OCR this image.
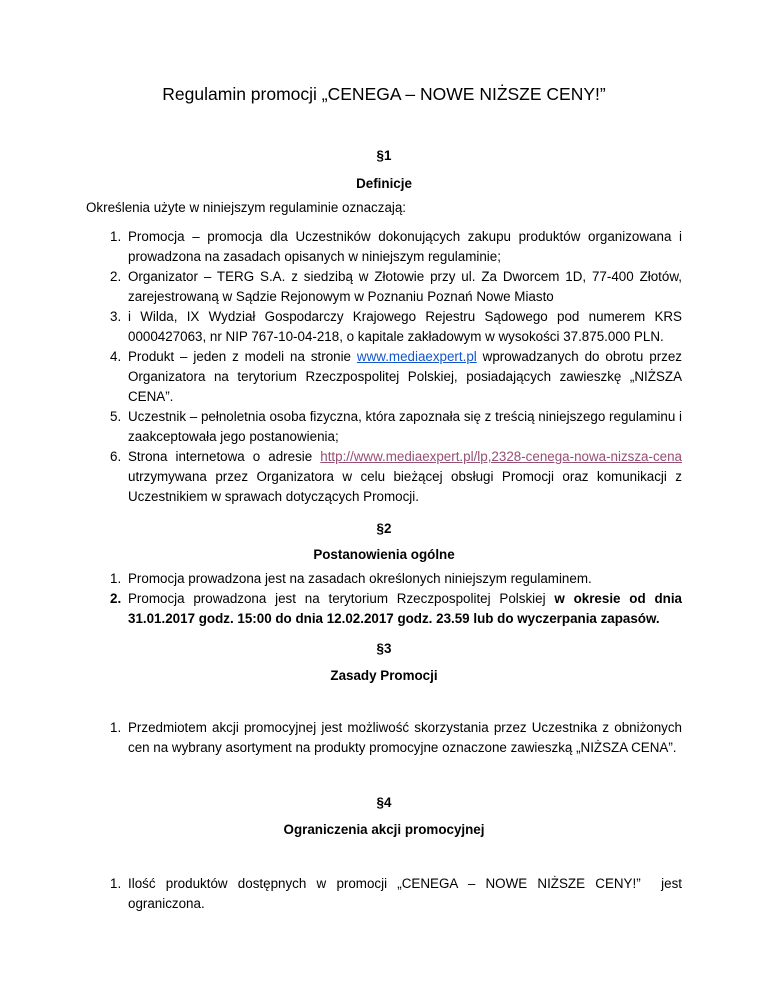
Regulamin promocji „CENEGA – NOWE NIŻSZE CENY!”
§1
Definicje
Określenia użyte w niniejszym regulaminie oznaczają:
1. Promocja – promocja dla Uczestników dokonujących zakupu produktów organizowana i prowadzona na zasadach opisanych w niniejszym regulaminie;
2. Organizator – TERG S.A. z siedzibą w Złotowie przy ul. Za Dworcem 1D, 77-400 Złotów, zarejestrowaną w Sądzie Rejonowym w Poznaniu Poznań Nowe Miasto
3. i Wilda, IX Wydział Gospodarczy Krajowego Rejestru Sądowego pod numerem KRS 0000427063, nr NIP 767-10-04-218, o kapitale zakładowym w wysokości 37.875.000 PLN.
4. Produkt – jeden z modeli na stronie www.mediaexpert.pl wprowadzanych do obrotu przez Organizatora na terytorium Rzeczpospolitej Polskiej, posiadających zawieszkę „NIŻSZA CENA”.
5. Uczestnik – pełnoletnia osoba fizyczna, która zapoznała się z treścią niniejszego regulaminu i zaakceptowała jego postanowienia;
6. Strona internetowa o adresie http://www.mediaexpert.pl/lp,2328-cenega-nowa-nizsza-cena utrzymywana przez Organizatora w celu bieżącej obsługi Promocji oraz komunikacji z Uczestnikiem w sprawach dotyczących Promocji.
§2
Postanowienia ogólne
1. Promocja prowadzona jest na zasadach określonych niniejszym regulaminem.
2. Promocja prowadzona jest na terytorium Rzeczpospolitej Polskiej w okresie od dnia 31.01.2017 godz. 15:00 do dnia 12.02.2017 godz. 23.59 lub do wyczerpania zapasów.
§3
Zasady Promocji
1. Przedmiotem akcji promocyjnej jest możliwość skorzystania przez Uczestnika z obniżonych cen na wybrany asortyment na produkty promocyjne oznaczone zawieszką „NIŻSZA CENA”.
§4
Ograniczenia akcji promocyjnej
1. Ilość produktów dostępnych w promocji „CENEGA – NOWE NIŻSZE CENY!”  jest ograniczona.
